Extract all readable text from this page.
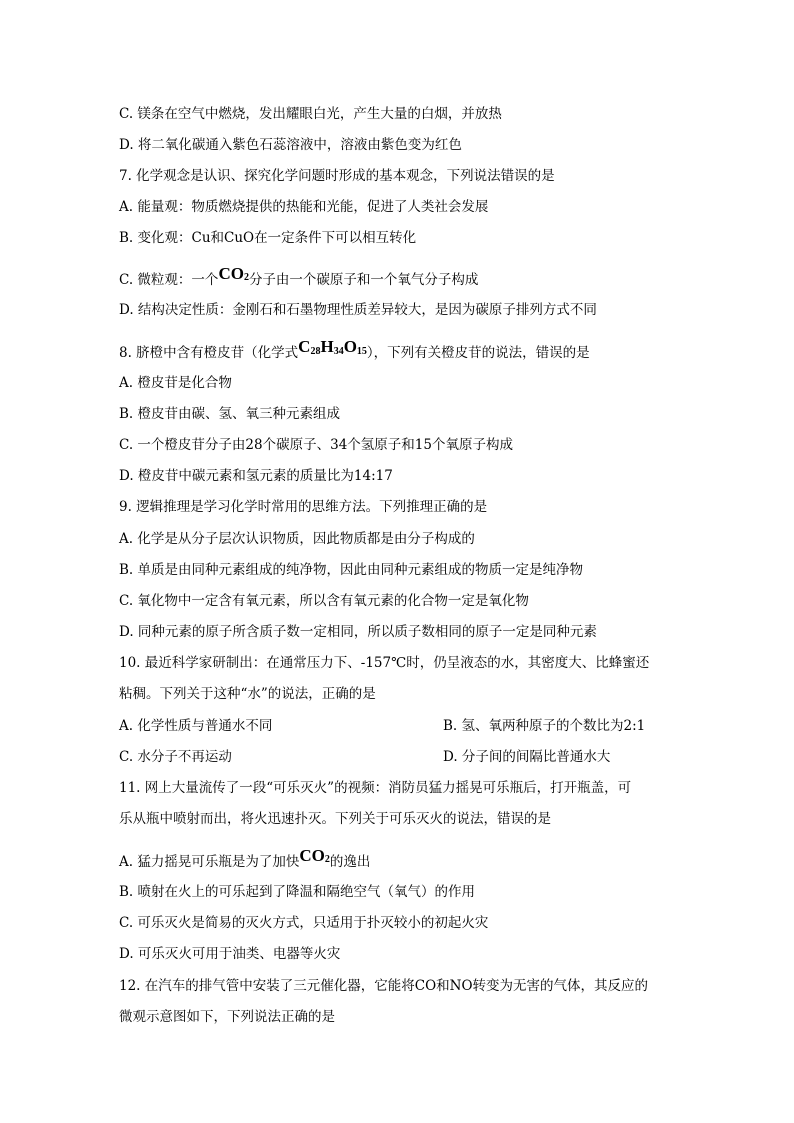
C. 镁条在空气中燃烧，发出耀眼白光，产生大量的白烟，并放热
D. 将二氧化碳通入紫色石蕊溶液中，溶液由紫色变为红色
7. 化学观念是认识、探究化学问题时形成的基本观念，下列说法错误的是
A. 能量观：物质燃烧提供的热能和光能，促进了人类社会发展
B. 变化观：Cu和CuO在一定条件下可以相互转化
C. 微粒观：一个$CO_2$分子由一个碳原子和一个氧气分子构成
D. 结构决定性质：金刚石和石墨物理性质差异较大，是因为碳原子排列方式不同
8. 脐橙中含有橙皮苷（化学式$C_{28}H_{34}O_{15}$），下列有关橙皮苷的说法，错误的是
A. 橙皮苷是化合物
B. 橙皮苷由碳、氢、氧三种元素组成
C. 一个橙皮苷分子由28个碳原子、34个氢原子和15个氧原子构成
D. 橙皮苷中碳元素和氢元素的质量比为14:17
9. 逻辑推理是学习化学时常用的思维方法。下列推理正确的是
A. 化学是从分子层次认识物质，因此物质都是由分子构成的
B. 单质是由同种元素组成的纯净物，因此由同种元素组成的物质一定是纯净物
C. 氧化物中一定含有氧元素，所以含有氧元素的化合物一定是氧化物
D. 同种元素的原子所含质子数一定相同，所以质子数相同的原子一定是同种元素
10. 最近科学家研制出：在通常压力下、-157℃时，仍呈液态的水，其密度大、比蜂蜜还
粘稠。下列关于这种“水”的说法，正确的是
A. 化学性质与普通水不同	B. 氢、氧两种原子的个数比为2:1
C. 水分子不再运动	D. 分子间的间隔比普通水大
11. 网上大量流传了一段“可乐灭火”的视频：消防员猛力摇晃可乐瓶后，打开瓶盖，可
乐从瓶中喷射而出，将火迅速扑灭。下列关于可乐灭火的说法，错误的是
A. 猛力摇晃可乐瓶是为了加快$CO_2$的逸出
B. 喷射在火上的可乐起到了降温和隔绝空气（氧气）的作用
C. 可乐灭火是简易的灭火方式，只适用于扑灭较小的初起火灾
D. 可乐灭火可用于油类、电器等火灾
12. 在汽车的排气管中安装了三元催化器，它能将CO和NO转变为无害的气体，其反应的
微观示意图如下，下列说法正确的是
